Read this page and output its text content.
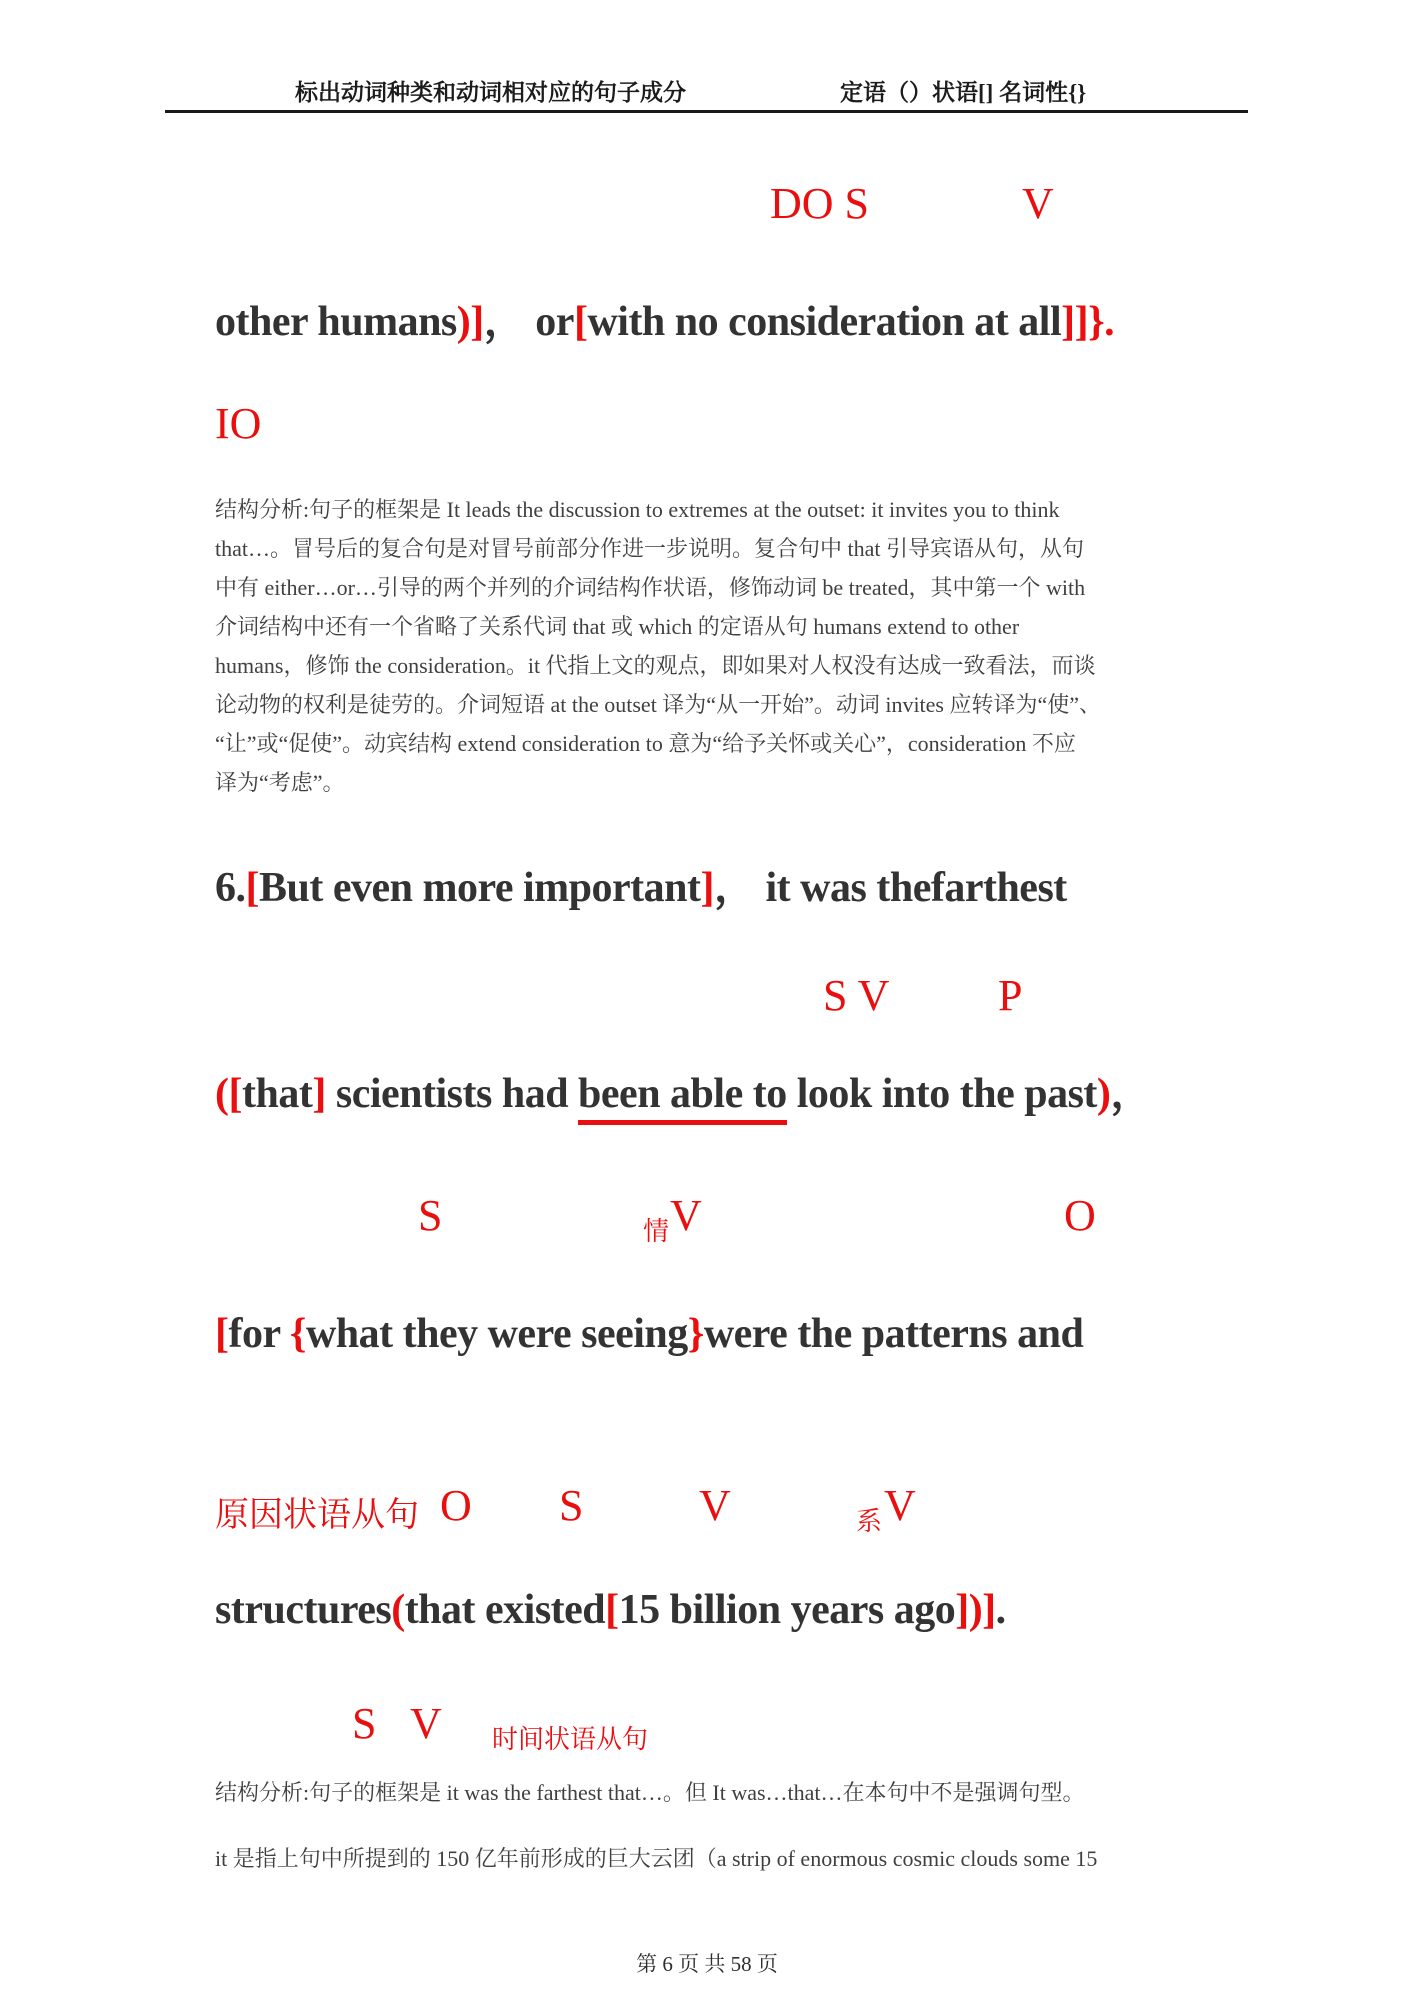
标出动词种类和动词相对应的句子成分	定语（）状语[] 名词性{}
DO S	V
other humans)]， or[with no consideration at all]]}.
IO
结构分析:句子的框架是 It leads the discussion to extremes at the outset: it invites you to think
that…。冒号后的复合句是对冒号前部分作进一步说明。复合句中 that 引导宾语从句，从句
中有 either…or…引导的两个并列的介词结构作状语，修饰动词 be treated，其中第一个 with
介词结构中还有一个省略了关系代词 that 或 which 的定语从句 humans extend to other
humans，修饰 the consideration。it 代指上文的观点，即如果对人权没有达成一致看法，而谈
论动物的权利是徒劳的。介词短语 at the outset 译为“从一开始”。动词 invites 应转译为“使”、
“让”或“促使”。动宾结构 extend consideration to 意为“给予关怀或关心”，consideration 不应
译为“考虑”。
6.[But even more important]， it was thefarthest
S V P
([that] scientists had been able to look into the past)，
S	情 V	O
[for {what they were seeing}were the patterns and
原因状语从句 O S	V	系 V
structures(that existed[15 billion years ago])].
S V 时间状语从句
结构分析:句子的框架是 it was the farthest that…。但 It was…that…在本句中不是强调句型。
it 是指上句中所提到的 150 亿年前形成的巨大云团（a strip of enormous cosmic clouds some 15
第 6 页 共 58 页
